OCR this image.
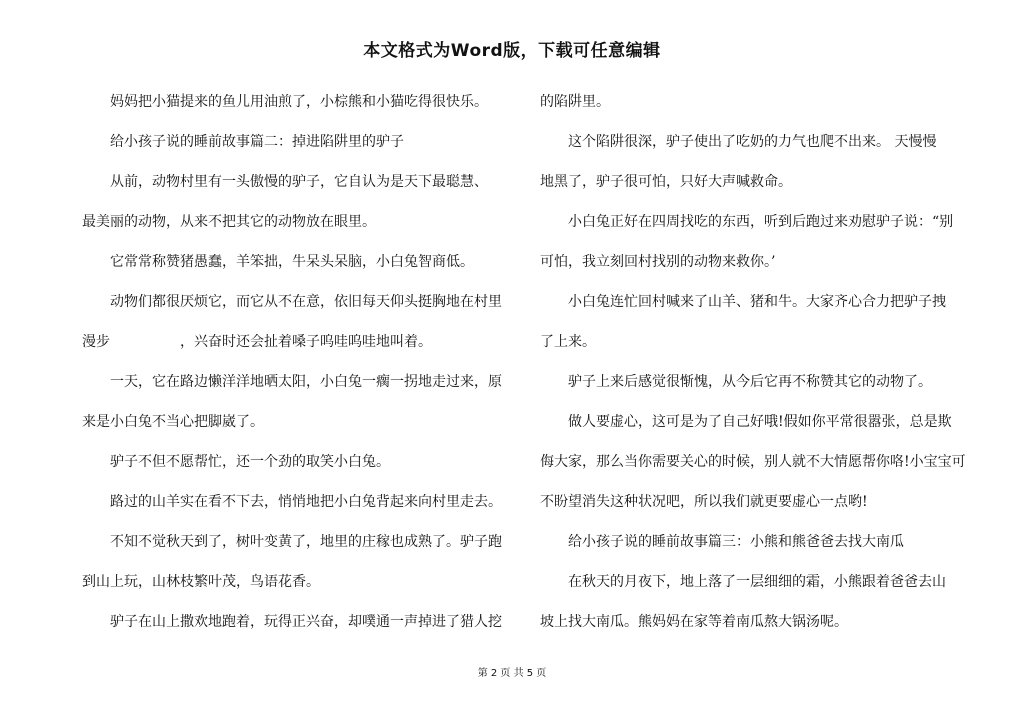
本文格式为Word版，下载可任意编辑

　　妈妈把小猫提来的鱼儿用油煎了，小棕熊和小猫吃得很快乐。

　　给小孩子说的睡前故事篇二：掉进陷阱里的驴子

　　从前，动物村里有一头傲慢的驴子，它自认为是天下最聪慧、

最美丽的动物，从来不把其它的动物放在眼里。

　　它常常称赞猪愚蠢，羊笨拙，牛呆头呆脑，小白兔智商低。

　　动物们都很厌烦它，而它从不在意，依旧每天仰头挺胸地在村里

漫步　　　　　，兴奋时还会扯着嗓子呜哇呜哇地叫着。

　　一天，它在路边懒洋洋地晒太阳，小白兔一瘸一拐地走过来，原

来是小白兔不当心把脚崴了。

　　驴子不但不愿帮忙，还一个劲的取笑小白兔。

　　路过的山羊实在看不下去，悄悄地把小白兔背起来向村里走去。

　　不知不觉秋天到了，树叶变黄了，地里的庄稼也成熟了。驴子跑

到山上玩，山林枝繁叶茂，鸟语花香。

　　驴子在山上撒欢地跑着，玩得正兴奋，却噗通一声掉进了猎人挖

的陷阱里。

　　这个陷阱很深，驴子使出了吃奶的力气也爬不出来。 天慢慢

地黑了，驴子很可怕，只好大声喊救命。

　　小白兔正好在四周找吃的东西，听到后跑过来劝慰驴子说：“别

可怕，我立刻回村找别的动物来救你。’

　　小白兔连忙回村喊来了山羊、猪和牛。大家齐心合力把驴子拽

了上来。

　　驴子上来后感觉很惭愧，从今后它再不称赞其它的动物了。

　　做人要虚心，这可是为了自己好哦!假如你平常很嚣张，总是欺

侮大家，那么当你需要关心的时候，别人就不大情愿帮你咯!小宝宝可

不盼望消失这种状况吧，所以我们就更要虚心一点哟!

　　给小孩子说的睡前故事篇三：小熊和熊爸爸去找大南瓜

　　在秋天的月夜下，地上落了一层细细的霜，小熊跟着爸爸去山

坡上找大南瓜。熊妈妈在家等着南瓜熬大锅汤呢。

第 2 页 共 5 页
